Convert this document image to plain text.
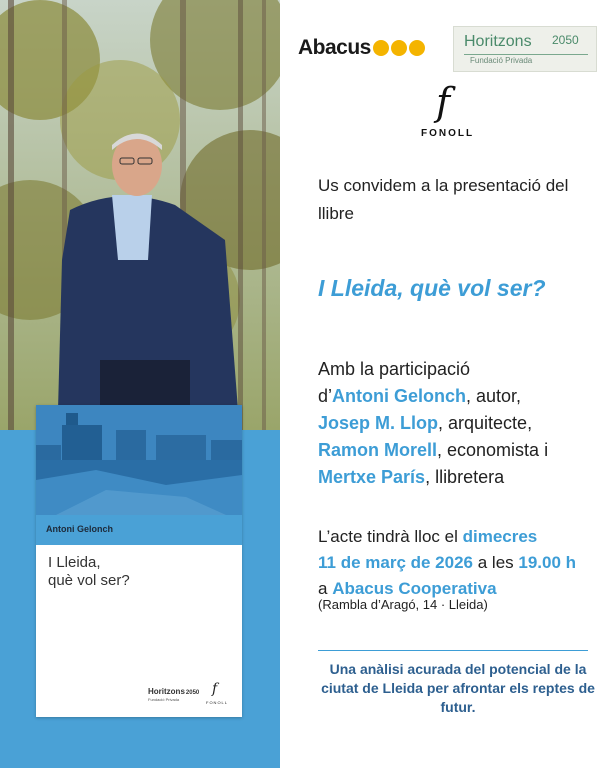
Antoni Gelonch
I Lleida,
què vol ser?
Horitzons2050
Fundació Privada
f
FONOLL
Abacus	Horitzons 2050
Fundació Privada
f
FONOLL
Us convidem a la presentació del llibre
I Lleida, què vol ser?
Amb la participació
d’Antoni Gelonch, autor,
Josep M. Llop, arquitecte,
Ramon Morell, economista i
Mertxe París, llibretera
L’acte tindrà lloc el dimecres
11 de març de 2026 a les 19.00 h
a Abacus Cooperativa
(Rambla d’Aragó, 14 · Lleida)
Una anàlisi acurada del potencial de la ciutat de Lleida per afrontar els reptes de futur.
